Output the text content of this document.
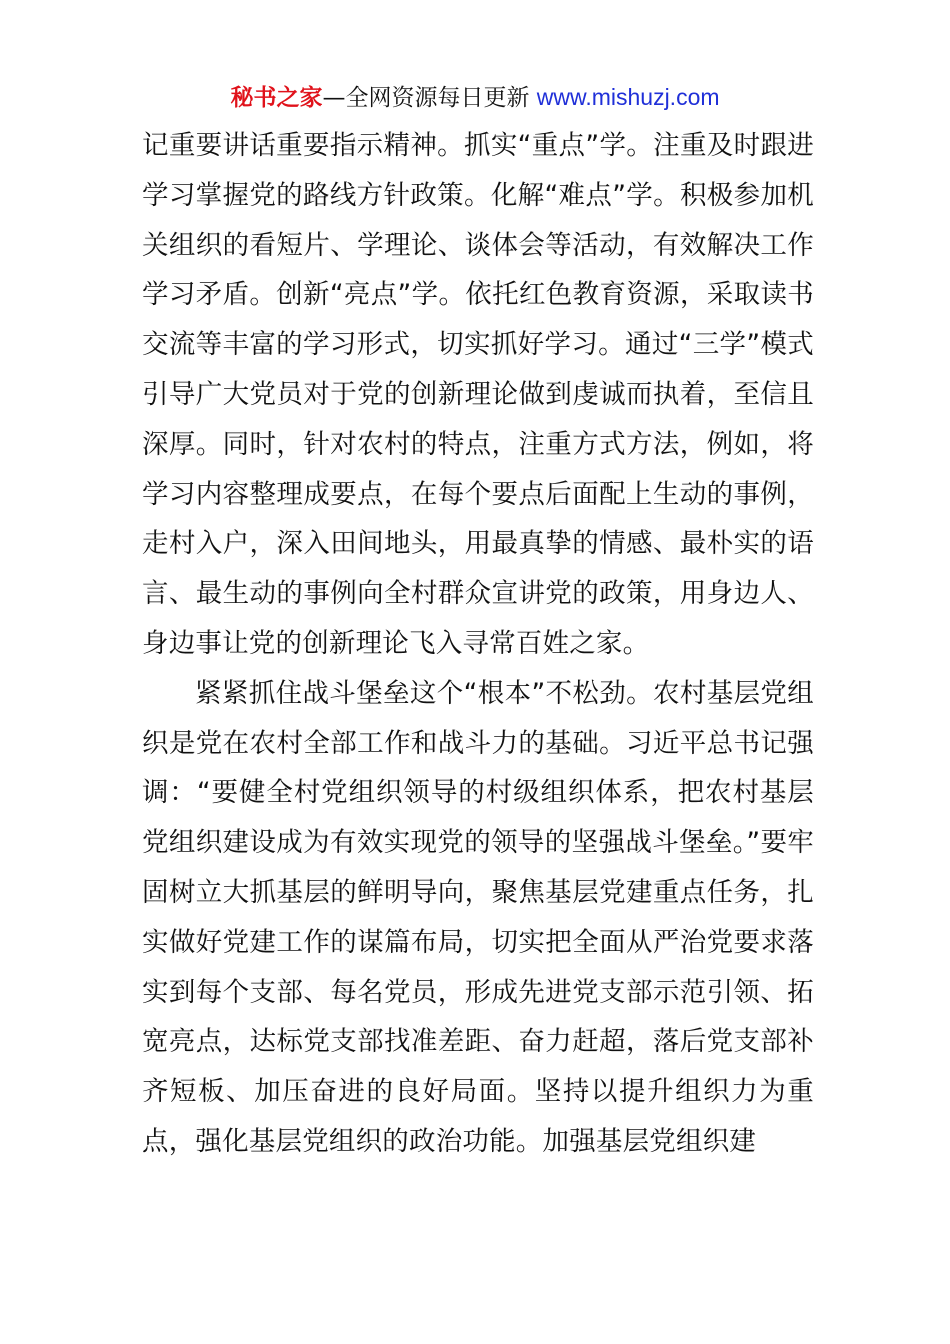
秘书之家—全网资源每日更新 www.mishuzj.com

记重要讲话重要指示精神。抓实“重点”学。注重及时跟进学习掌握党的路线方针政策。化解“难点”学。积极参加机关组织的看短片、学理论、谈体会等活动，有效解决工作学习矛盾。创新“亮点”学。依托红色教育资源，采取读书交流等丰富的学习形式，切实抓好学习。通过“三学”模式引导广大党员对于党的创新理论做到虔诚而执着，至信且深厚。同时，针对农村的特点，注重方式方法，例如，将学习内容整理成要点，在每个要点后面配上生动的事例，走村入户，深入田间地头，用最真挚的情感、最朴实的语言、最生动的事例向全村群众宣讲党的政策，用身边人、身边事让党的创新理论飞入寻常百姓之家。

紧紧抓住战斗堡垒这个“根本”不松劲。农村基层党组织是党在农村全部工作和战斗力的基础。习近平总书记强调：“要健全村党组织领导的村级组织体系，把农村基层党组织建设成为有效实现党的领导的坚强战斗堡垒。”要牢固树立大抓基层的鲜明导向，聚焦基层党建重点任务，扎实做好党建工作的谋篇布局，切实把全面从严治党要求落实到每个支部、每名党员，形成先进党支部示范引领、拓宽亮点，达标党支部找准差距、奋力赶超，落后党支部补齐短板、加压奋进的良好局面。坚持以提升组织力为重点，强化基层党组织的政治功能。加强基层党组织建
